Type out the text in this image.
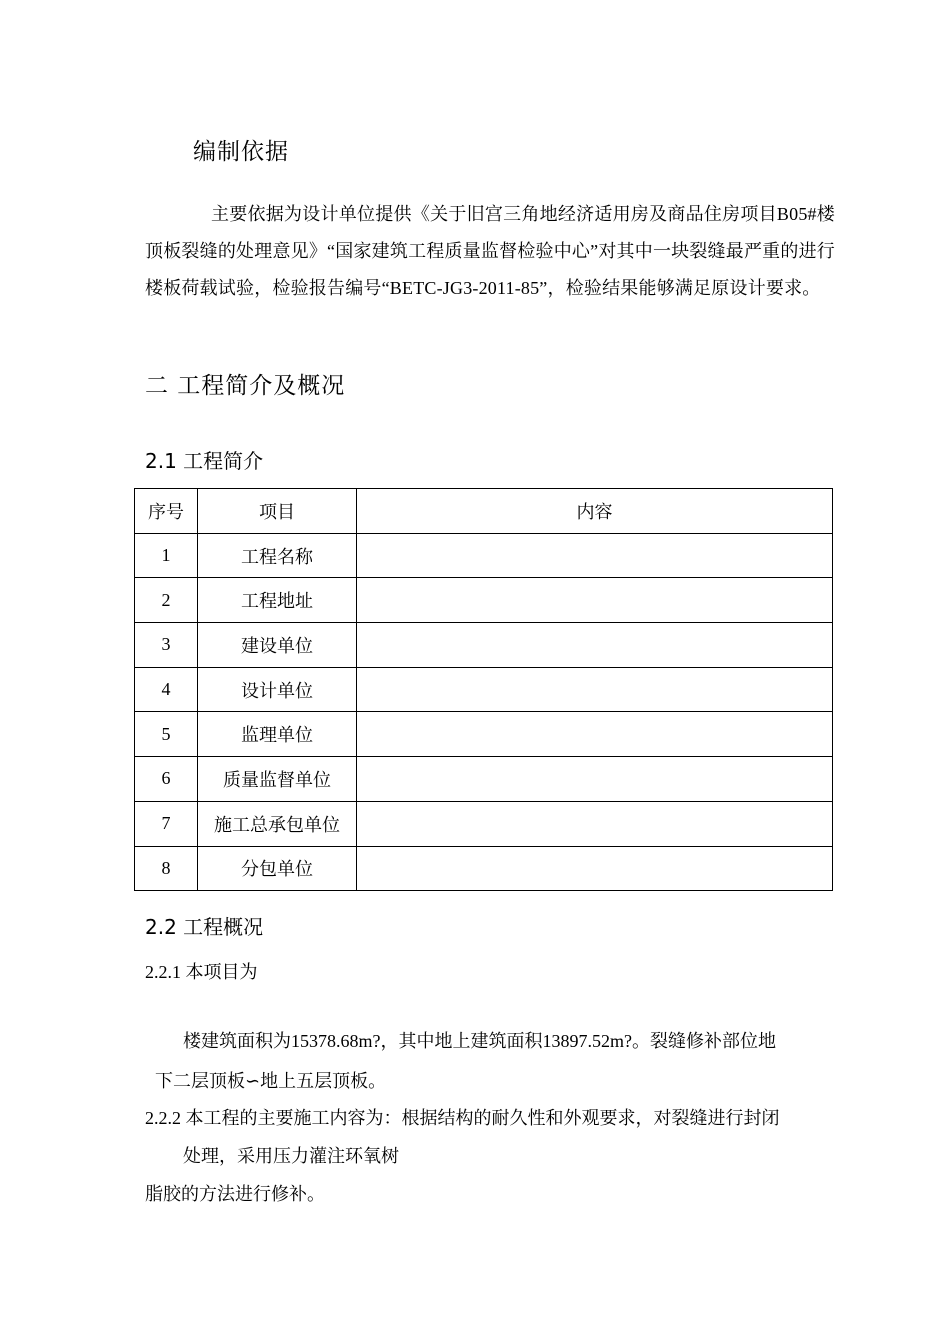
编制依据
主要依据为设计单位提供《关于旧宫三角地经济适用房及商品住房项目B05#楼顶板裂缝的处理意见》“国家建筑工程质量监督检验中心”对其中一块裂缝最严重的进行楼板荷载试验，检验报告编号“BETC-JG3-2011-85”，检验结果能够满足原设计要求。
二 工程简介及概况
2.1 工程简介
序号	项目	内容
1	工程名称	
2	工程地址	
3	建设单位	
4	设计单位	
5	监理单位	
6	质量监督单位	
7	施工总承包单位	
8	分包单位	
2.2 工程概况
2.2.1 本项目为
楼建筑面积为15378.68m?，其中地上建筑面积13897.52m?。裂缝修补部位地
下二层顶板∽地上五层顶板。
2.2.2 本工程的主要施工内容为：根据结构的耐久性和外观要求，对裂缝进行封闭
处理，采用压力灌注环氧树
脂胶的方法进行修补。
